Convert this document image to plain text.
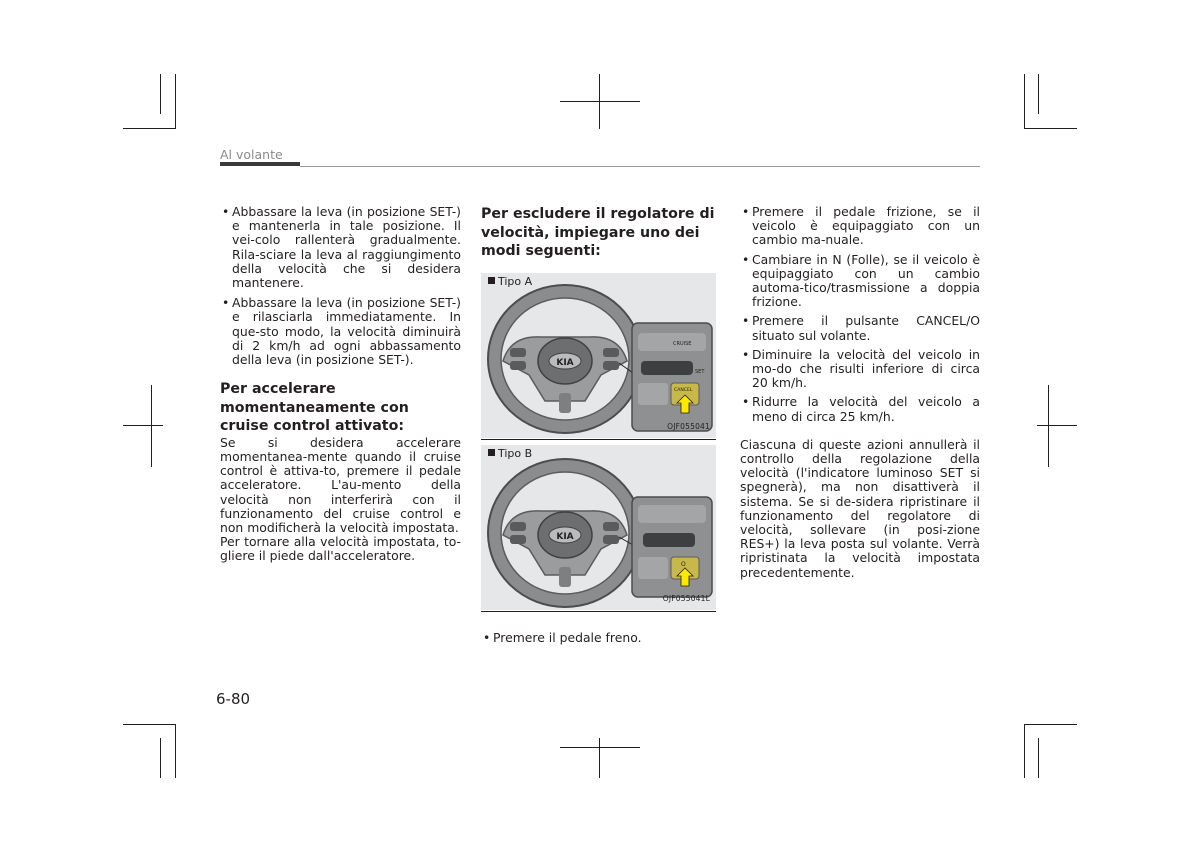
Al volante

• Abbassare la leva (in posizione SET-) e mantenerla in tale posizione. Il vei-colo rallenterà gradualmente. Rila-sciare la leva al raggiungimento della velocità che si desidera mantenere.

• Abbassare la leva (in posizione SET-) e rilasciarla immediatamente. In que-sto modo, la velocità diminuirà di 2 km/h ad ogni abbassamento della leva (in posizione SET-).

Per accelerare momentaneamente con cruise control attivato:

Se si desidera accelerare momentanea-mente quando il cruise control è attiva-to, premere il pedale acceleratore. L'au-mento della velocità non interferirà con il funzionamento del cruise control e non modificherà la velocità impostata.

Per tornare alla velocità impostata, to-gliere il piede dall'acceleratore.

Per escludere il regolatore di velocità, impiegare uno dei modi seguenti:

Tipo A
KIA
CRUISE
SET
CANCEL
OJF055041
Tipo B
KIA
O
OJF055041L

• Premere il pedale freno.

• Premere il pedale frizione, se il veicolo è equipaggiato con un cambio ma-nuale.

• Cambiare in N (Folle), se il veicolo è equipaggiato con un cambio automa-tico/trasmissione a doppia frizione.

• Premere il pulsante CANCEL/O situato sul volante.

• Diminuire la velocità del veicolo in mo-do che risulti inferiore di circa 20 km/h.

• Ridurre la velocità del veicolo a meno di circa 25 km/h.

Ciascuna di queste azioni annullerà il controllo della regolazione della velocità (l'indicatore luminoso SET si spegnerà), ma non disattiverà il sistema. Se si de-sidera ripristinare il funzionamento del regolatore di velocità, sollevare (in posi-zione RES+) la leva posta sul volante. Verrà ripristinata la velocità impostata precedentemente.

6-80
